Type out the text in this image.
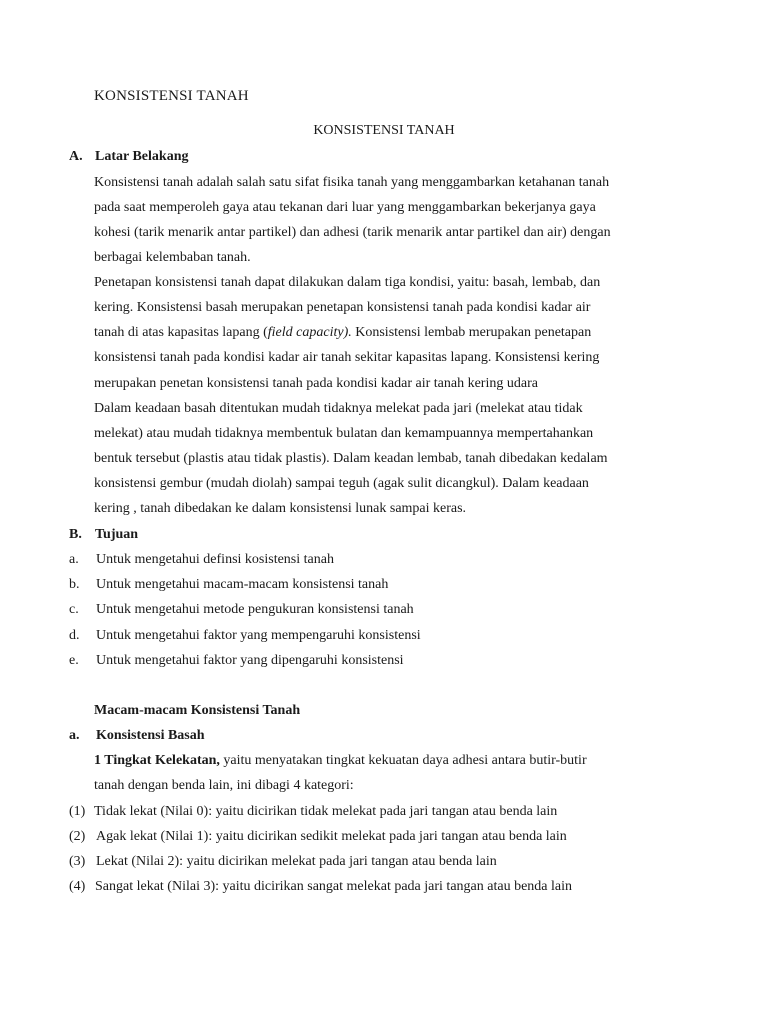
KONSISTENSI TANAH
KONSISTENSI TANAH
A. Latar Belakang
Konsistensi tanah adalah salah satu sifat fisika tanah yang menggambarkan ketahanan tanah
pada saat memperoleh gaya atau tekanan dari luar yang menggambarkan bekerjanya gaya
kohesi (tarik menarik antar partikel) dan adhesi (tarik menarik antar partikel dan air) dengan
berbagai kelembaban tanah.
Penetapan konsistensi tanah dapat dilakukan dalam tiga kondisi, yaitu: basah, lembab, dan
kering. Konsistensi basah merupakan penetapan konsistensi tanah pada kondisi kadar air
tanah di atas kapasitas lapang (field capacity). Konsistensi lembab merupakan penetapan
konsistensi tanah pada kondisi kadar air tanah sekitar kapasitas lapang. Konsistensi kering
merupakan penetan konsistensi tanah pada kondisi kadar air tanah kering udara
Dalam keadaan basah ditentukan mudah tidaknya melekat pada jari (melekat atau tidak
melekat) atau mudah tidaknya membentuk bulatan dan kemampuannya mempertahankan
bentuk tersebut (plastis atau tidak plastis). Dalam keadan lembab, tanah dibedakan kedalam
konsistensi gembur (mudah diolah) sampai teguh (agak sulit dicangkul). Dalam keadaan
kering , tanah dibedakan ke dalam konsistensi lunak sampai keras.
B. Tujuan
a. Untuk mengetahui definsi kosistensi tanah
b. Untuk mengetahui macam-macam konsistensi tanah
c. Untuk mengetahui metode pengukuran konsistensi tanah
d. Untuk mengetahui faktor yang mempengaruhi konsistensi
e. Untuk mengetahui faktor yang dipengaruhi konsistensi
Macam-macam Konsistensi Tanah
a. Konsistensi Basah
1 Tingkat Kelekatan, yaitu menyatakan tingkat kekuatan daya adhesi antara butir-butir
tanah dengan benda lain, ini dibagi 4 kategori:
(1) Tidak lekat (Nilai 0): yaitu dicirikan tidak melekat pada jari tangan atau benda lain
(2) Agak lekat (Nilai 1): yaitu dicirikan sedikit melekat pada jari tangan atau benda lain
(3) Lekat (Nilai 2): yaitu dicirikan melekat pada jari tangan atau benda lain
(4) Sangat lekat (Nilai 3): yaitu dicirikan sangat melekat pada jari tangan atau benda lain
